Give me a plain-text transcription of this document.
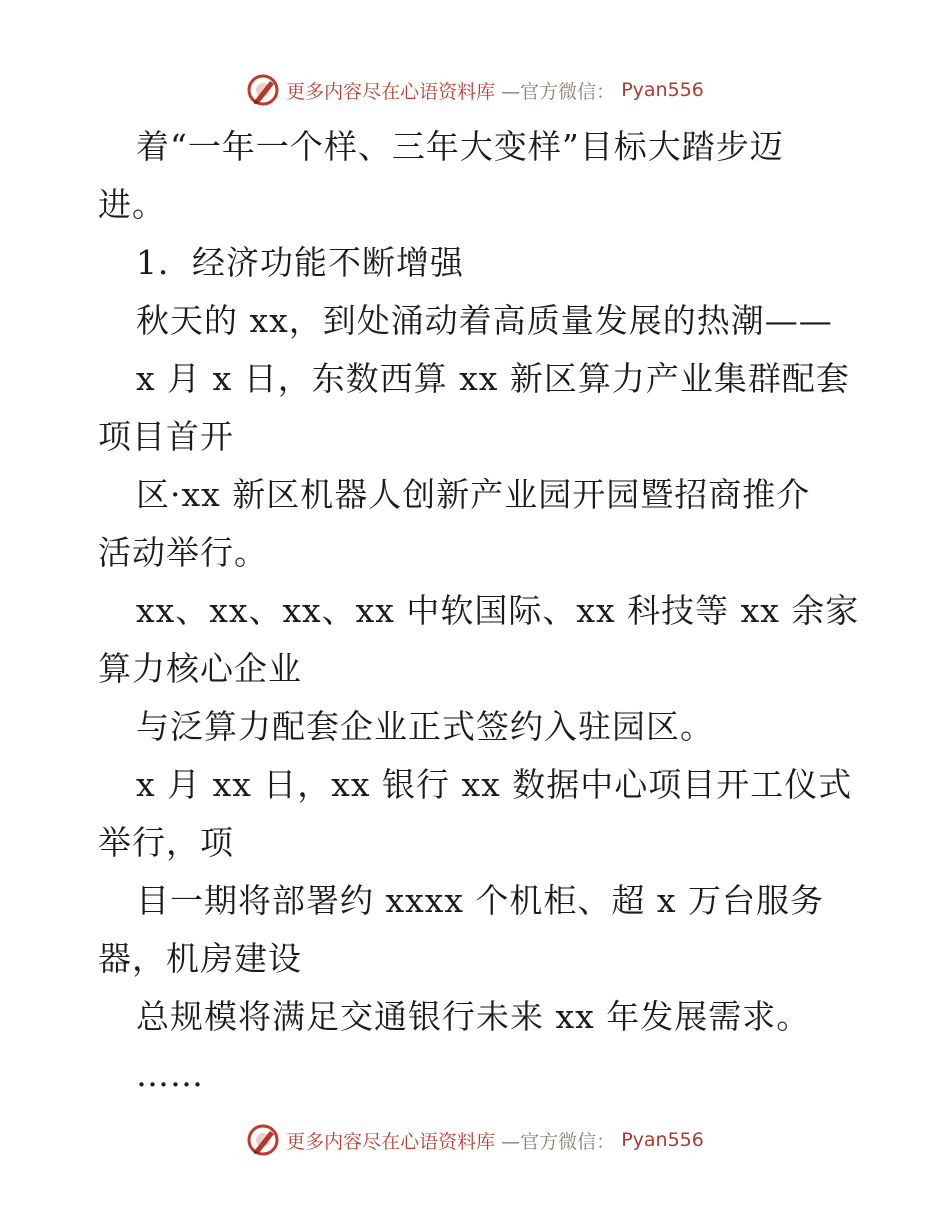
更多内容尽在心语资料库 —官方微信： Pyan556
着“一年一个样、三年大变样”目标大踏步迈
进。
1．经济功能不断增强
秋天的 xx，到处涌动着高质量发展的热潮——
x 月 x 日，东数西算 xx 新区算力产业集群配套
项目首开
区·xx 新区机器人创新产业园开园暨招商推介
活动举行。
xx、xx、xx、xx 中软国际、xx 科技等 xx 余家
算力核心企业
与泛算力配套企业正式签约入驻园区。
x 月 xx 日，xx 银行 xx 数据中心项目开工仪式
举行，项
目一期将部署约 xxxx 个机柜、超 x 万台服务
器，机房建设
总规模将满足交通银行未来 xx 年发展需求。
……
更多内容尽在心语资料库 —官方微信： Pyan556
